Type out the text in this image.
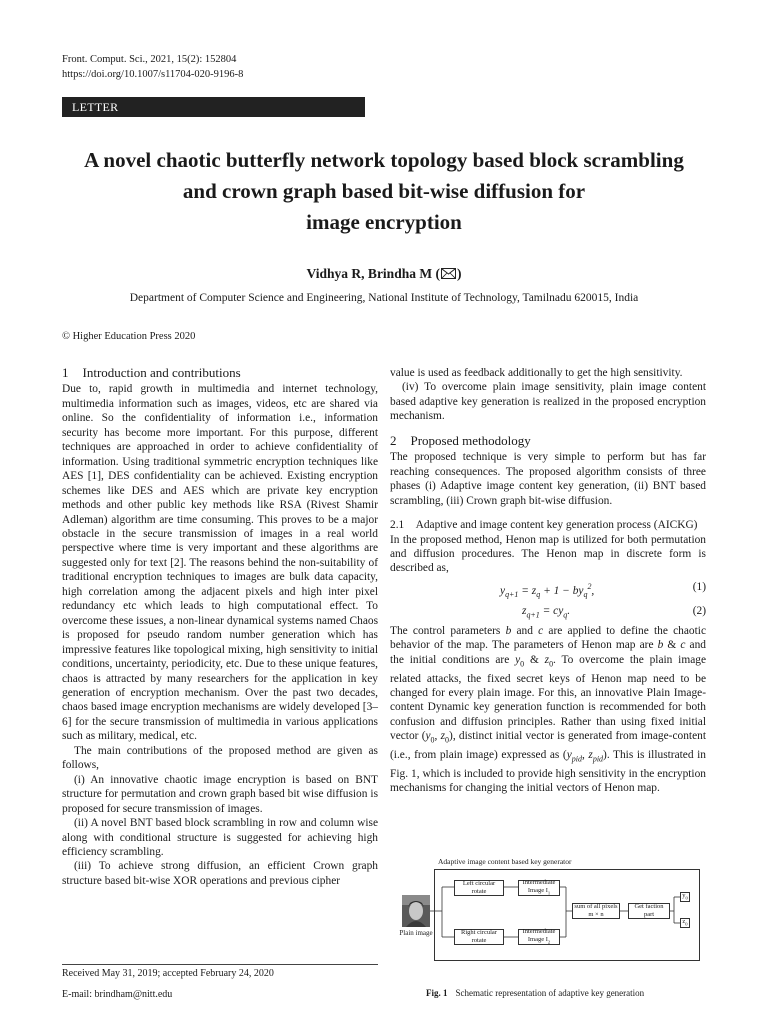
Front. Comput. Sci., 2021, 15(2): 152804
https://doi.org/10.1007/s11704-020-9196-8
LETTER
A novel chaotic butterfly network topology based block scrambling
and crown graph based bit-wise diffusion for
image encryption
Vidhya R, Brindha M ( )
Department of Computer Science and Engineering, National Institute of Technology, Tamilnadu 620015, India
© Higher Education Press 2020
1 Introduction and contributions

Due to, rapid growth in multimedia and internet technology, multimedia information such as images, videos, etc are shared via online. So the confidentiality of information i.e., information security has become more important. For this purpose, different techniques are approached in order to achieve confidentiality of information. Using traditional symmetric encryption techniques like AES [1], DES confidentiality can be achieved. Existing encryption schemes like DES and AES which are private key encryption methods and other public key methods like RSA (Rivest Shamir Adleman) algorithm are time consuming. This proves to be a major obstacle in the secure transmission of images in a real world perspective where time is very important and these algorithms are suggested only for text [2]. The reasons behind the non-suitability of traditional encryption techniques to images are bulk data capacity, high correlation among the adjacent pixels and high inter pixel redundancy etc which leads to high computational effect. To overcome these issues, a non-linear dynamical systems named Chaos is proposed for pseudo random number generation which has impressive features like topological mixing, high sensitivity to initial conditions, uncertainty, periodicity, etc. Due to these unique features, chaos is attracted by many researchers for the application in key generation of encryption mechanism. Over the past two decades, chaos based image encryption mechanisms are widely developed [3–6] for the secure transmission of multimedia in various applications such as military, medical, etc.

The main contributions of the proposed method are given as follows,

(i) An innovative chaotic image encryption is based on BNT structure for permutation and crown graph based bit wise diffusion is proposed for secure transmission of images.

(ii) A novel BNT based block scrambling in row and column wise along with conditional structure is suggested for achieving high efficiency scrambling.

(iii) To achieve strong diffusion, an efficient Crown graph structure based bit-wise XOR operations and previous cipher

value is used as feedback additionally to get the high sensitivity.

(iv) To overcome plain image sensitivity, plain image content based adaptive key generation is realized in the proposed encryption mechanism.

2 Proposed methodology

The proposed technique is very simple to perform but has far reaching consequences. The proposed algorithm consists of three phases (i) Adaptive image content key generation, (ii) BNT based scrambling, (iii) Crown graph bit-wise diffusion.

2.1 Adaptive and image content key generation process (AICKG)

In the proposed method, Henon map is utilized for both permutation and diffusion procedures. The Henon map in discrete form is described as,

$y_{q+1} = z_q + 1 - by_q^2$,	(1)
$z_{q+1} = cy_q$.	(2)

The control parameters b and c are applied to define the chaotic behavior of the map. The parameters of Henon map are b & c and the initial conditions are $y_0$ & $z_0$. To overcome the plain image related attacks, the fixed secret keys of Henon map need to be changed for every plain image. For this, an innovative Plain Image-content Dynamic key generation function is recommended for both confusion and diffusion principles. Rather than using fixed initial vector ($y_0$, $z_0$), distinct initial vector is generated from image-content (i.e., from plain image) expressed as ($y_{pid}$, $z_{pid}$). This is illustrated in Fig. 1, which is included to provide high sensitivity in the encryption mechanisms for changing the initial vectors of Henon map.

Adaptive image content based key generator
Plain image
Left circular rotate
Right circular rotate
Intermediate Image $I_1$
Intermediate Image $I_2$
sum of all pixels
m × n
Get faction part
$y_0$
$z_0$
Fig. 1 Schematic representation of adaptive key generation
Received May 31, 2019; accepted February 24, 2020
E-mail: brindham@nitt.edu
